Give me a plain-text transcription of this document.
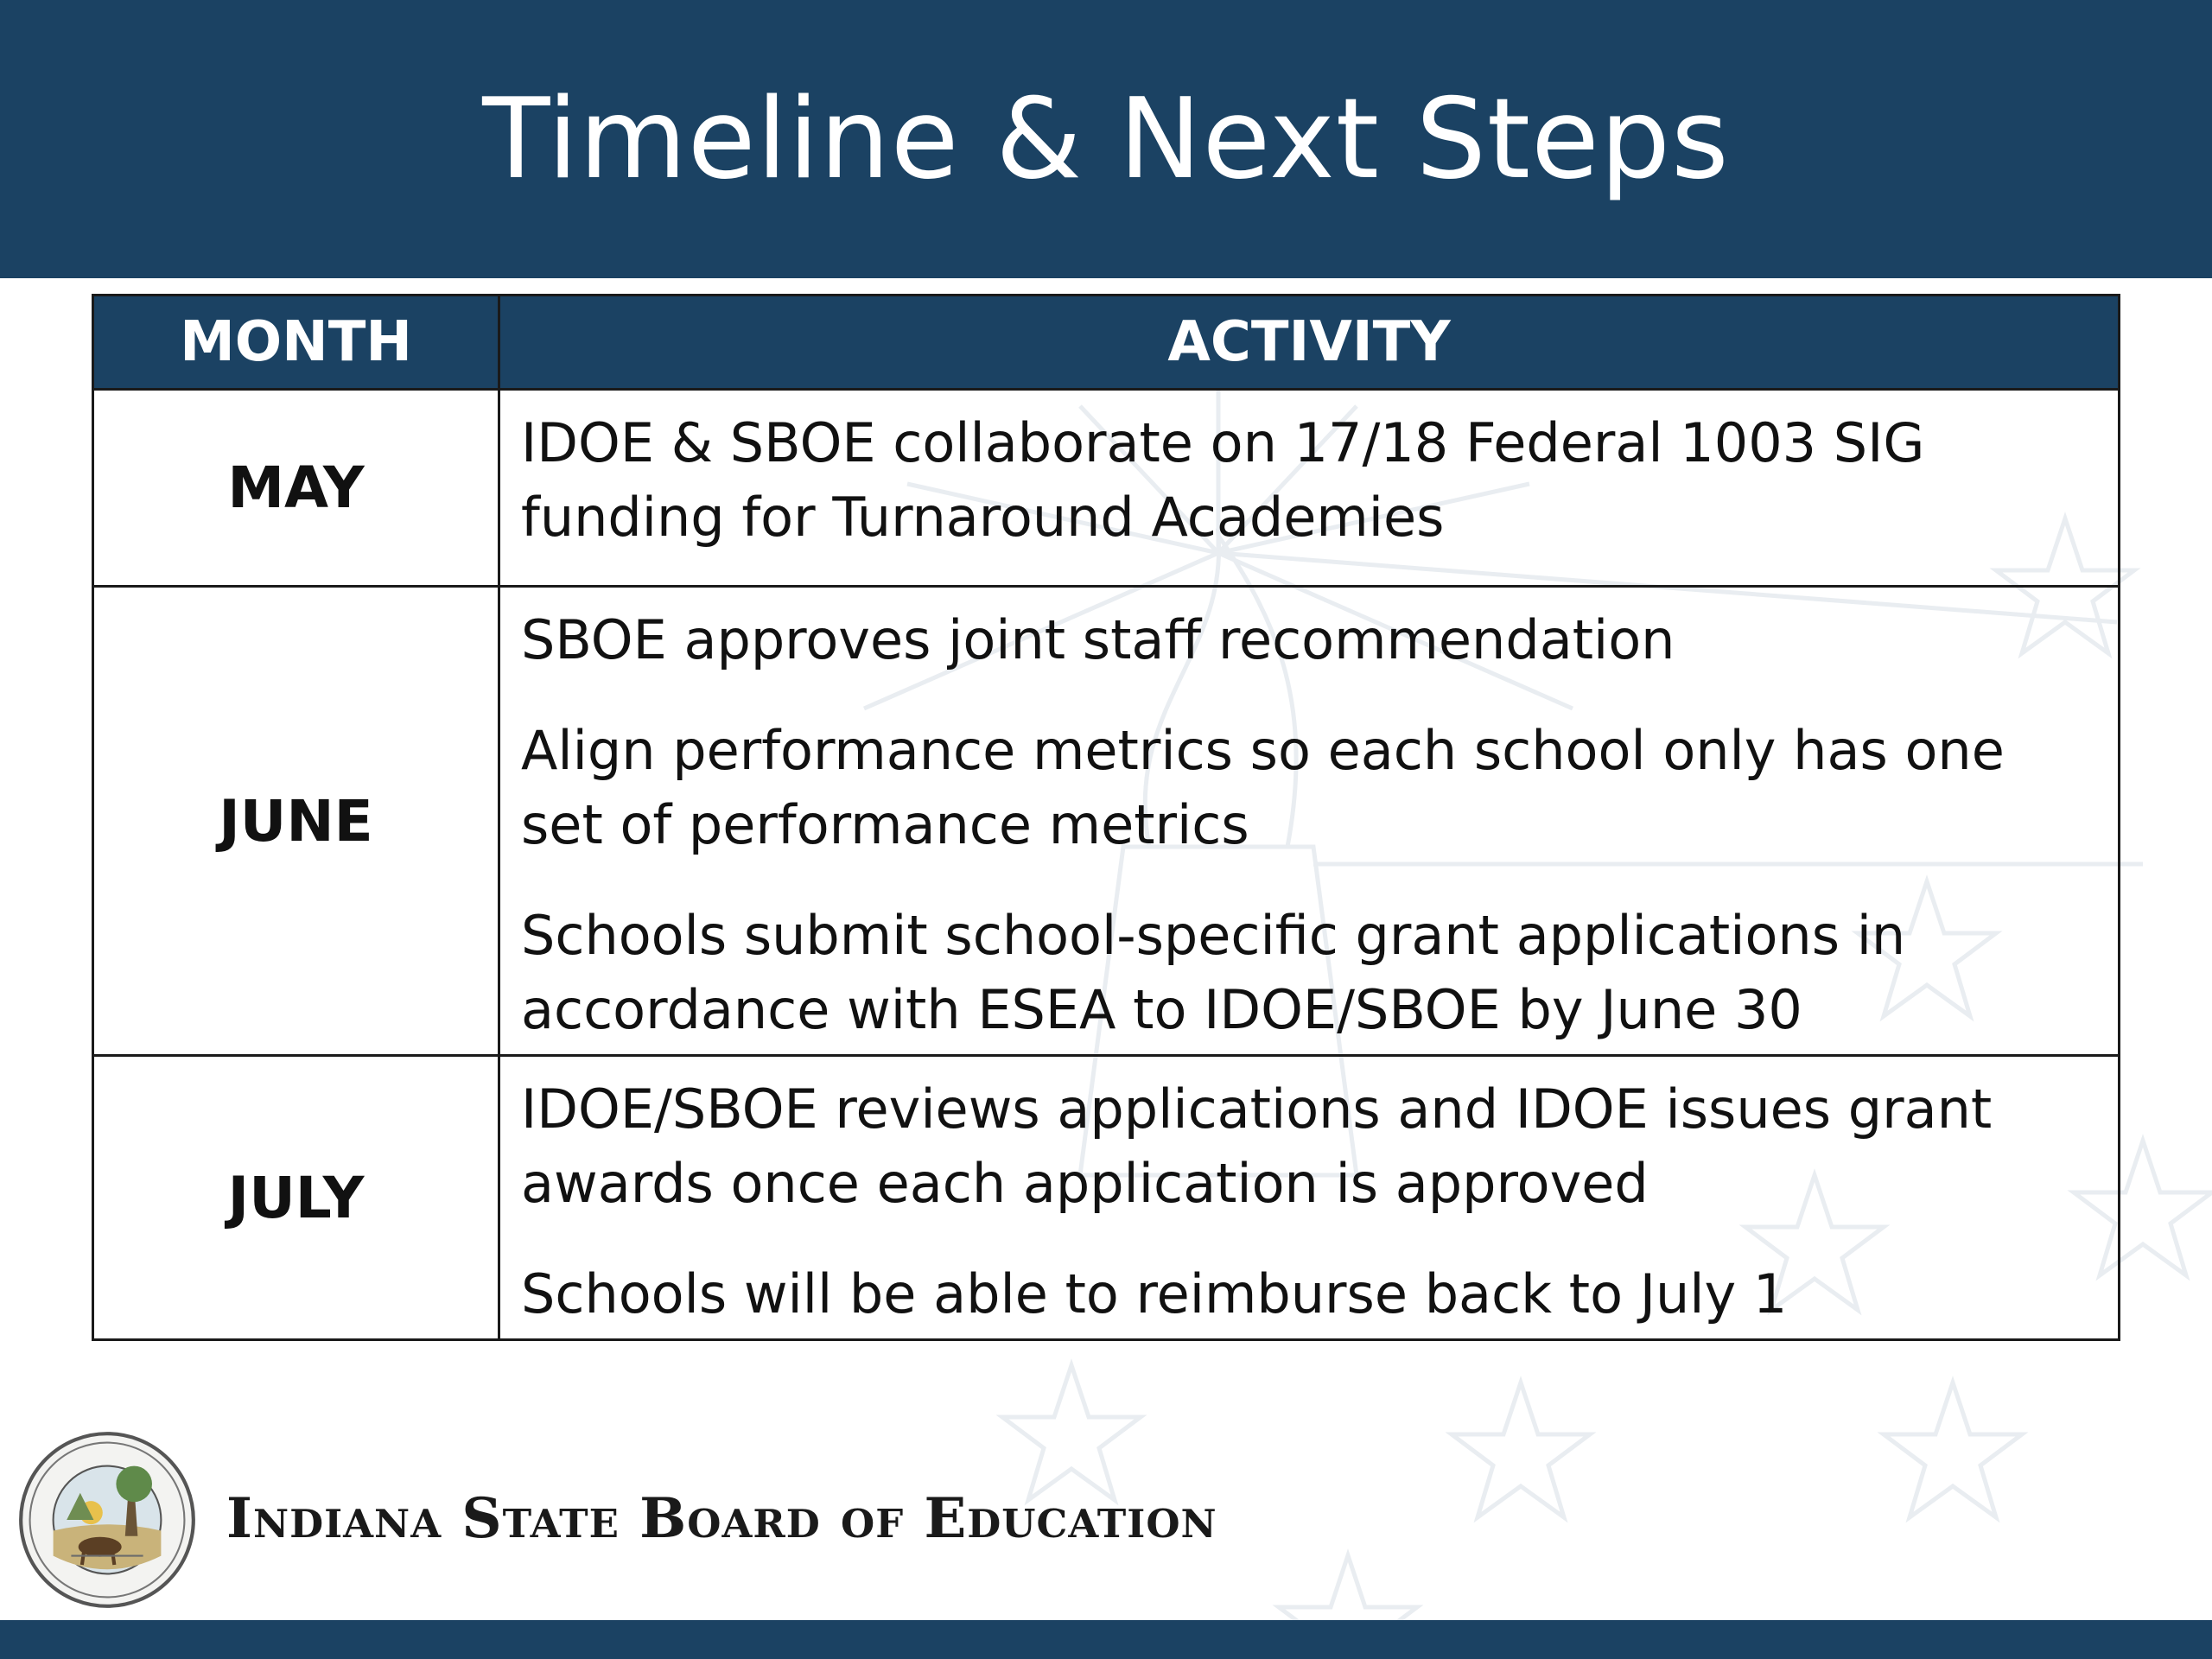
Timeline & Next Steps
MONTH	ACTIVITY
MAY	IDOE & SBOE collaborate on 17/18 Federal 1003 SIG funding for Turnaround Academies

JUNE	SBOE approves joint staff recommendation

Align performance metrics so each school only has one set of performance metrics

Schools submit school-specific grant applications in accordance with ESEA to IDOE/SBOE by June 30

JULY	IDOE/SBOE reviews applications and IDOE issues grant awards once each application is approved

Schools will be able to reimburse back to July 1

Indiana State Board of Education
